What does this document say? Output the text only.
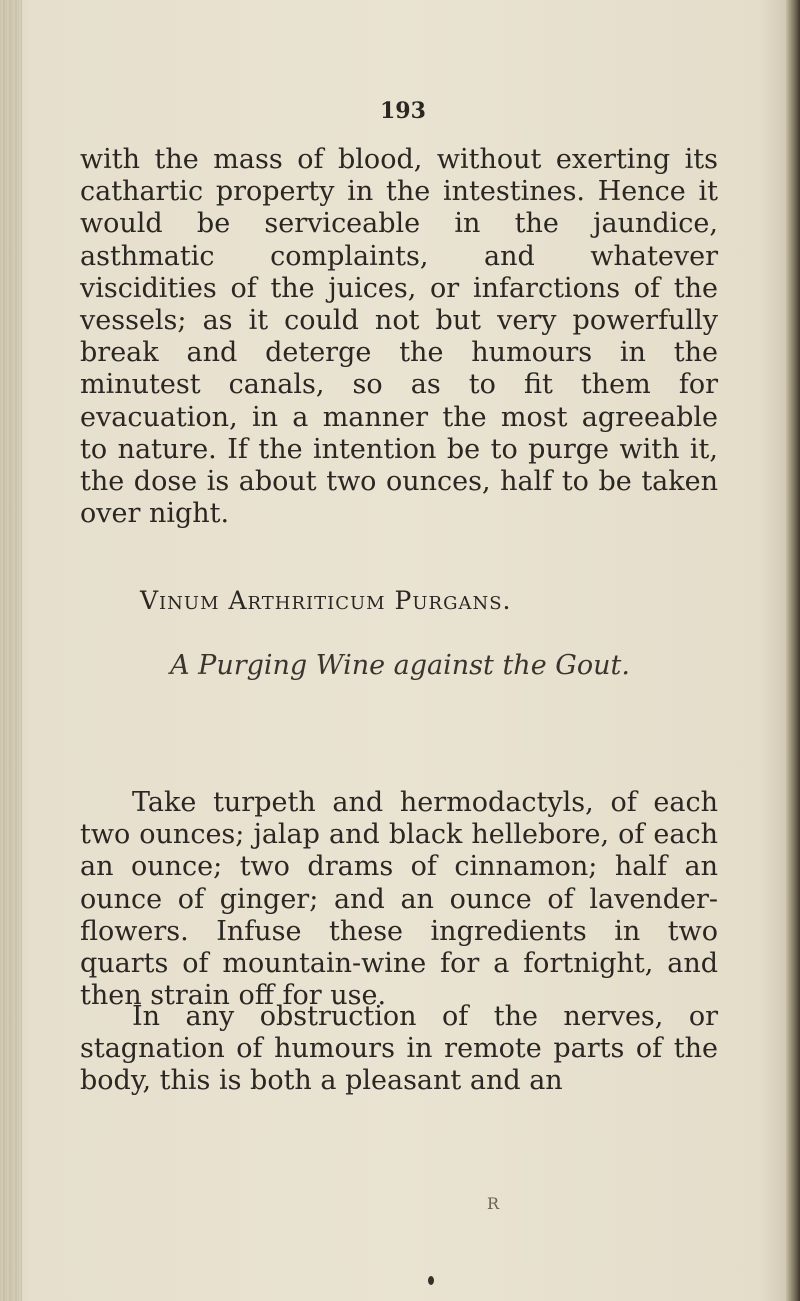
193
with the mass of blood, without exerting its cathartic property in the intestines. Hence it would be serviceable in the jaundice, asthmatic complaints, and whatever viscidities of the juices, or infarctions of the vessels; as it could not but very powerfully break and deterge the humours in the minutest canals, so as to fit them for evacuation, in a manner the most agreeable to nature. If the intention be to purge with it, the dose is about two ounces, half to be taken over night.
Vinum Arthriticum Purgans.
A Purging Wine against the Gout.
Take turpeth and hermodactyls, of each two ounces; jalap and black hellebore, of each an ounce; two drams of cinnamon; half an ounce of ginger; and an ounce of lavender-flowers. Infuse these ingredients in two quarts of mountain-wine for a fortnight, and then strain off for use.
In any obstruction of the nerves, or stagnation of humours in remote parts of the body, this is both a pleasant and an
R
